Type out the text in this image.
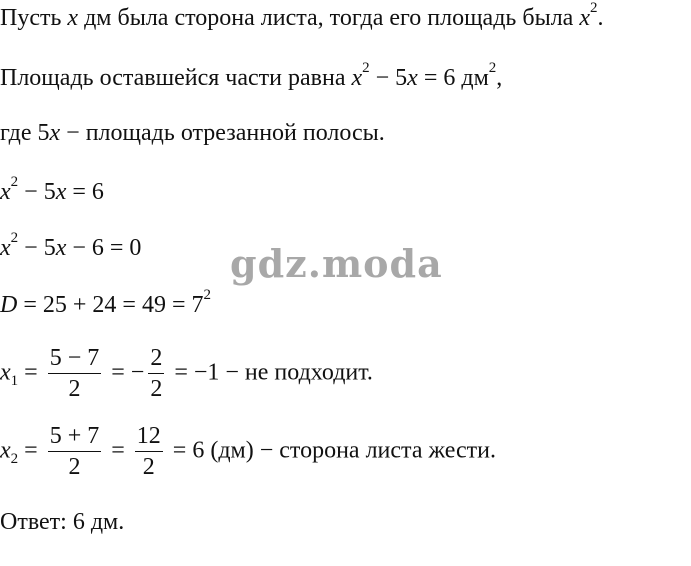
Пусть x дм была сторона листа, тогда его площадь была $x^2$.
Площадь оставшейся части равна $x^2 - 5x = 6$ $дм^2$,
где 5x − площадь отрезанной полосы.
$x^2 - 5x = 6$
$x^2 - 5x - 6 = 0$
$D = 25 + 24 = 49 = 7^2$
$x_1 = \frac{5 - 7}{2}$ = − $\frac{2}{2} = -1$ − не подходит.
$x_2 = \frac{5 + 7}{2} = \frac{12}{2} = 6$ (дм) − сторона листа жести.
Ответ: 6 дм.
gdz.moda
